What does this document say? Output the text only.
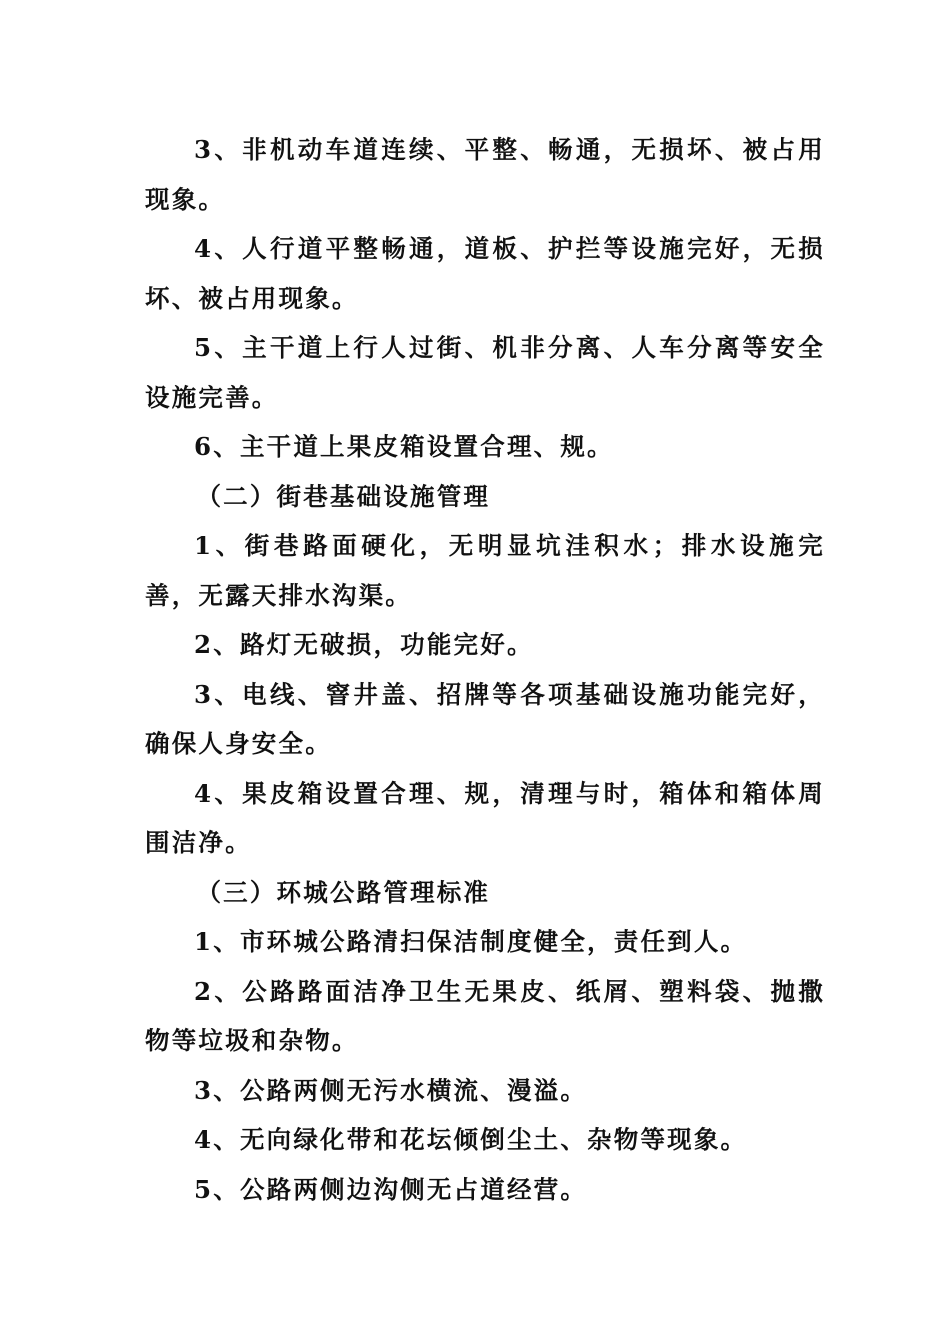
3、非机动车道连续、平整、畅通，无损坏、被占用现象。

4、人行道平整畅通，道板、护拦等设施完好，无损坏、被占用现象。

5、主干道上行人过街、机非分离、人车分离等安全设施完善。

6、主干道上果皮箱设置合理、规。

（二）街巷基础设施管理

1、街巷路面硬化，无明显坑洼积水；排水设施完善，无露天排水沟渠。

2、路灯无破损，功能完好。

3、电线、窨井盖、招牌等各项基础设施功能完好，确保人身安全。

4、果皮箱设置合理、规，清理与时，箱体和箱体周围洁净。

（三）环城公路管理标准

1、市环城公路清扫保洁制度健全，责任到人。

2、公路路面洁净卫生无果皮、纸屑、塑料袋、抛撒物等垃圾和杂物。

3、公路两侧无污水横流、漫溢。

4、无向绿化带和花坛倾倒尘土、杂物等现象。

5、公路两侧边沟侧无占道经营。
